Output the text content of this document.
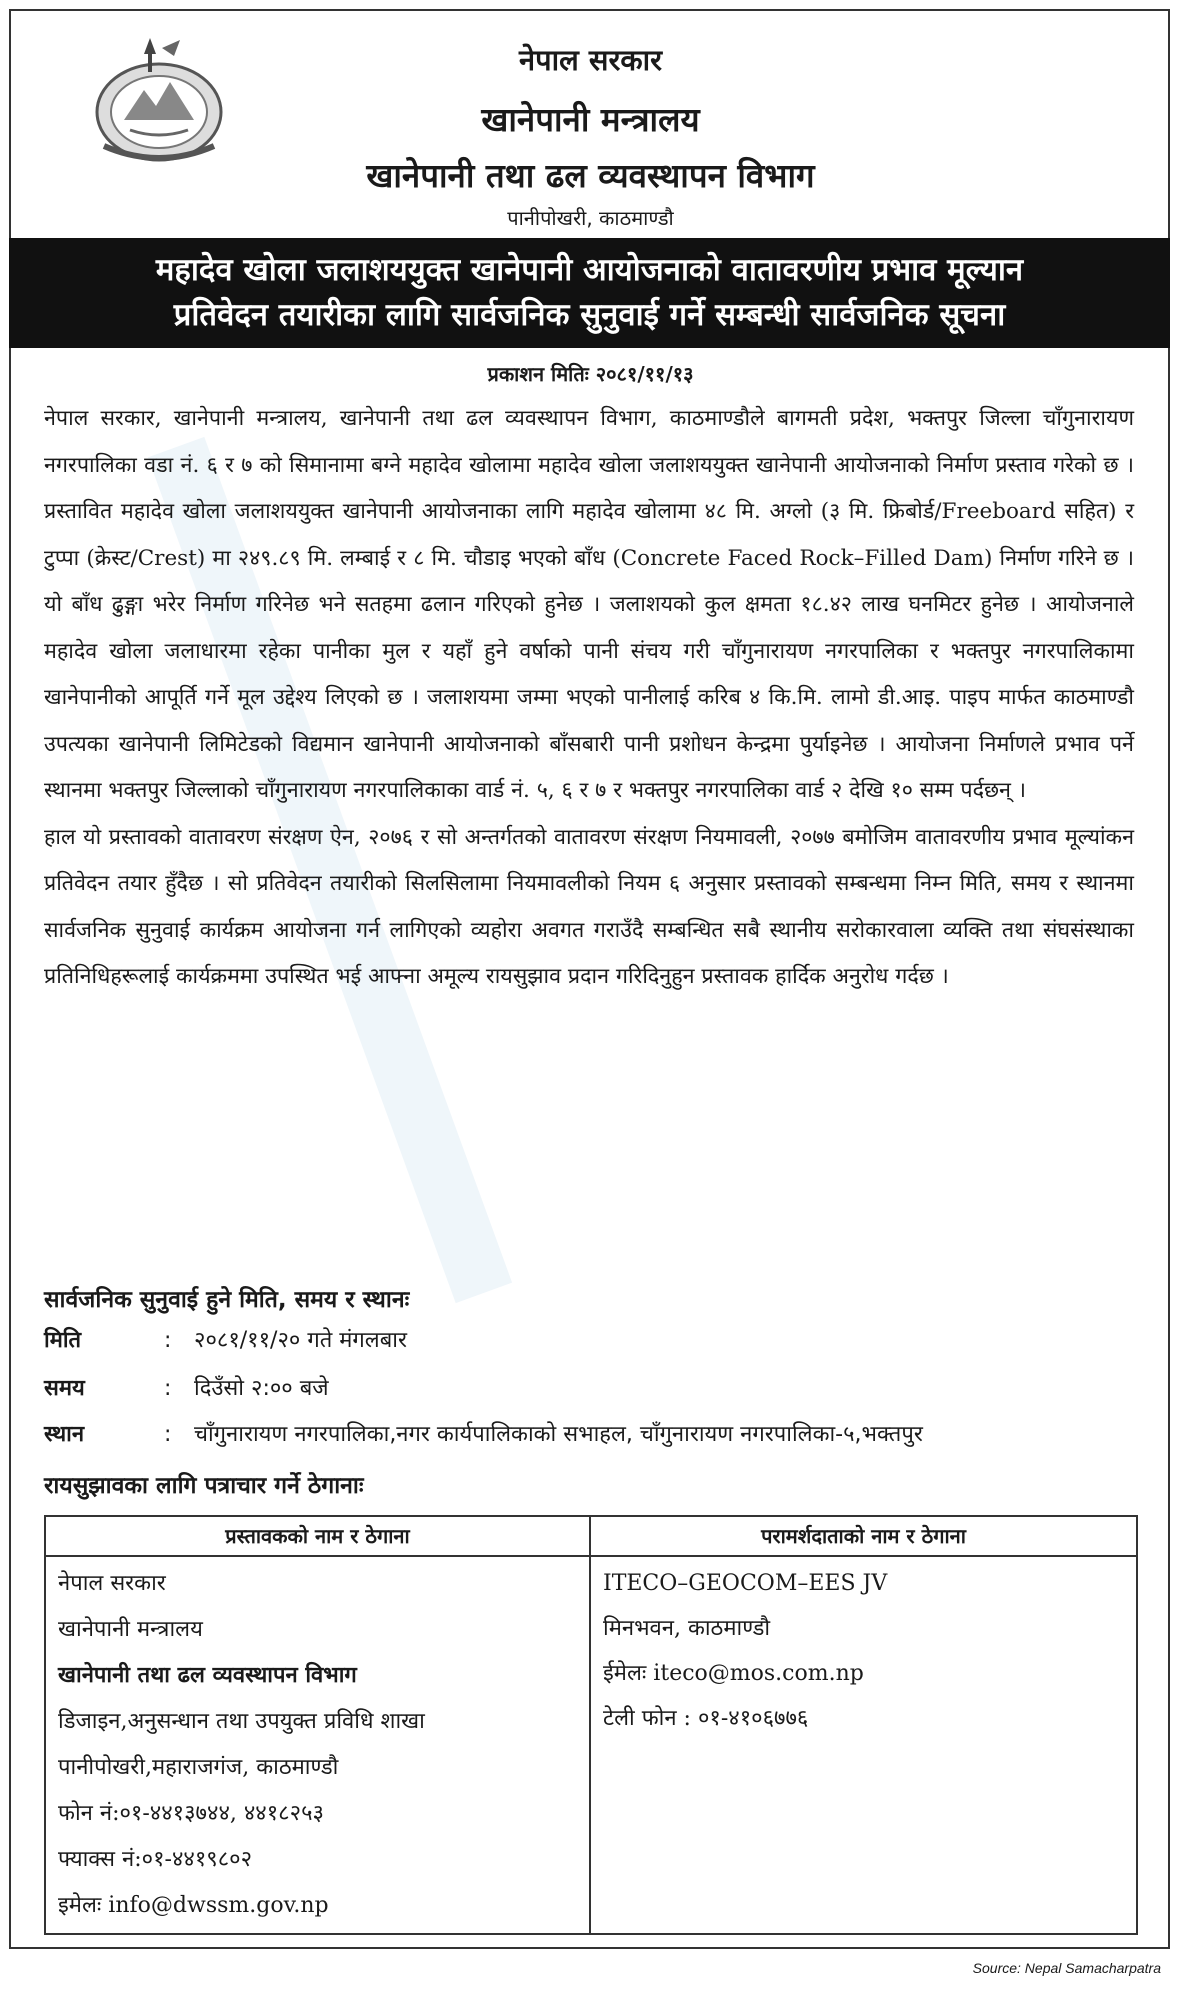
नेपाल सरकार
खानेपानी मन्त्रालय
खानेपानी तथा ढल व्यवस्थापन विभाग
पानीपोखरी, काठमाण्डौ
महादेव खोला जलाशययुक्त खानेपानी आयोजनाको वातावरणीय प्रभाव मूल्यान
प्रतिवेदन तयारीका लागि सार्वजनिक सुनुवाई गर्ने सम्बन्धी सार्वजनिक सूचना
प्रकाशन मितिः २०८१/११/१३

नेपाल सरकार, खानेपानी मन्त्रालय, खानेपानी तथा ढल व्यवस्थापन विभाग, काठमाण्डौले बागमती प्रदेश, भक्तपुर जिल्ला चाँगुनारायण नगरपालिका वडा नं. ६ र ७ को सिमानामा बग्ने महादेव खोलामा महादेव खोला जलाशययुक्त खानेपानी आयोजनाको निर्माण प्रस्ताव गरेको छ । प्रस्तावित महादेव खोला जलाशययुक्त खानेपानी आयोजनाका लागि महादेव खोलामा ४८ मि. अग्लो (३ मि. फ्रिबोर्ड/Freeboard सहित) र टुप्पा (क्रेस्ट/Crest) मा २४९.८९ मि. लम्बाई र ८ मि. चौडाइ भएको बाँध (Concrete Faced Rock–Filled Dam) निर्माण गरिने छ । यो बाँध ढुङ्गा भरेर निर्माण गरिनेछ भने सतहमा ढलान गरिएको हुनेछ । जलाशयको कुल क्षमता १८.४२ लाख घनमिटर हुनेछ । आयोजनाले महादेव खोला जलाधारमा रहेका पानीका मुल र यहाँ हुने वर्षाको पानी संचय गरी चाँगुनारायण नगरपालिका र भक्तपुर नगरपालिकामा खानेपानीको आपूर्ति गर्ने मूल उद्देश्य लिएको छ । जलाशयमा जम्मा भएको पानीलाई करिब ४ कि.मि. लामो डी.आइ. पाइप मार्फत काठमाण्डौ उपत्यका खानेपानी लिमिटेडको विद्यमान खानेपानी आयोजनाको बाँसबारी पानी प्रशोधन केन्द्रमा पुर्याइनेछ । आयोजना निर्माणले प्रभाव पर्ने स्थानमा भक्तपुर जिल्लाको चाँगुनारायण नगरपालिकाका वार्ड नं. ५, ६ र ७ र भक्तपुर नगरपालिका वार्ड २ देखि १० सम्म पर्दछन् ।

हाल यो प्रस्तावको वातावरण संरक्षण ऐन, २०७६ र सो अन्तर्गतको वातावरण संरक्षण नियमावली, २०७७ बमोजिम वातावरणीय प्रभाव मूल्यांकन प्रतिवेदन तयार हुँदैछ । सो प्रतिवेदन तयारीको सिलसिलामा नियमावलीको नियम ६ अनुसार प्रस्तावको सम्बन्धमा निम्न मिति, समय र स्थानमा सार्वजनिक सुनुवाई कार्यक्रम आयोजना गर्न लागिएको व्यहोरा अवगत गराउँदै सम्बन्धित सबै स्थानीय सरोकारवाला व्यक्ति तथा संघसंस्थाका प्रतिनिधिहरूलाई कार्यक्रममा उपस्थित भई आफ्ना अमूल्य रायसुझाव प्रदान गरिदिनुहुन प्रस्तावक हार्दिक अनुरोध गर्दछ ।

सार्वजनिक सुनुवाई हुने मिति, समय र स्थानः
मिति	: २०८१/११/२० गते मंगलबार
समय	: दिउँसो २:०० बजे
स्थान	: चाँगुनारायण नगरपालिका,नगर कार्यपालिकाको सभाहल, चाँगुनारायण नगरपालिका-५,भक्तपुर
रायसुझावका लागि पत्राचार गर्ने ठेगानाः
प्रस्तावकको नाम र ठेगाना
नेपाल सरकार
खानेपानी मन्त्रालय
खानेपानी तथा ढल व्यवस्थापन विभाग
डिजाइन,अनुसन्धान तथा उपयुक्त प्रविधि शाखा
पानीपोखरी,महाराजगंज, काठमाण्डौ
फोन नं:०१-४४१३७४४, ४४१८२५३
फ्याक्स नं:०१-४४१९८०२
इमेलः info@dwssm.gov.np
परामर्शदाताको नाम र ठेगाना
ITECO–GEOCOM–EES JV
मिनभवन, काठमाण्डौ
ईमेलः iteco@mos.com.np
टेली फोन : ०१-४१०६७७६
Source: Nepal Samacharpatra
